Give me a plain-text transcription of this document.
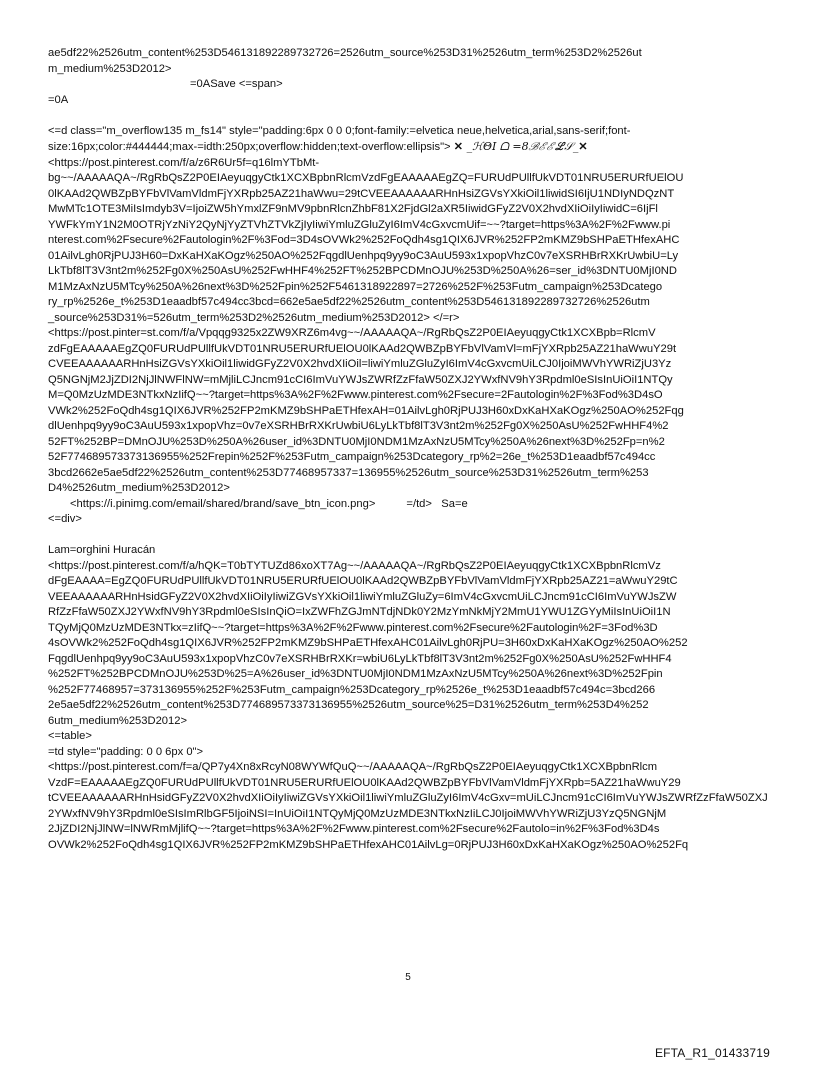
ae5df22%2526utm_content%253D546131892289732726=2526utm_source%253D31%2526utm_term%253D2%2526ut

m_medium%253D2012>

=0ASave <=span>

=0A

<=d class="m_overflow135 m_fs14" style="padding:6px 0 0 0;font-family:=elvetica neue,helvetica,arial,sans-serif;font-

size:16px;color:#444444;max-=idth:250px;overflow:hidden;text-overflow:ellipsis"> ✕ _ℋΘΙ ᗝ =8ℬℰℰℒ𝒮_✕

<https://post.pinterest.com/f/a/z6R6Ur5f=q16lmYTbMt-

bg~~/AAAAAQA~/RgRbQsZ2P0EIAeyuqgyCtk1XCXBpbnRlcmVzdFgEAAAAAEgZQ=FURUdPUllfUkVDT01NRU5ERURfUElOU

0lKAAd2QWBZpBYFbVlVamVldmFjYXRpb25AZ21haWwu=29tCVEEAAAAAARHnHsiZGVsYXkiOil1liwidSI6IjU1NDIyNDQzNT

MwMTc1OTE3MiIsImdyb3V=IjoiZW5hYmxlZF9nMV9pbnRlcnZhbF81X2FjdGl2aXR5IiwidGFyZ2V0X2hvdXIiOiIyIiwidC=6IjFl

YWFkYmY1N2M0OTRjYzNiY2QyNjYyZTVhZTVkZjIyIiwiYmluZGluZyI6ImV4cGxvcmUif=~~?target=https%3A%2F%2Fwww.pi

nterest.com%2Fsecure%2Fautologin%2F%3Fod=3D4sOVWk2%252FoQdh4sg1QIX6JVR%252FP2mKMZ9bSHPaETHfexAHC

01AilvLgh0RjPUJ3H60=DxKaHXaKOgz%250AO%252FqgdlUenhpq9yy9oC3AuU593x1xpopVhzC0v7eXSRHBrRXKrUwbiU=Ly

LkTbf8lT3V3nt2m%252Fg0X%250AsU%252FwHHF4%252FT%252BPCDMnOJU%253D%250A%26=ser_id%3DNTU0MjI0ND

M1MzAxNzU5MTcy%250A%26next%3D%252Fpin%252F5461318922897=2726%252F%253Futm_campaign%253Dcatego

ry_rp%2526e_t%253D1eaadbf57c494cc3bcd=662e5ae5df22%2526utm_content%253D546131892289732726%2526utm

_source%253D31%=526utm_term%253D2%2526utm_medium%253D2012> </=r>

<https://post.pinter=st.com/f/a/Vpqqg9325x2ZW9XRZ6m4vg~~/AAAAAQA~/RgRbQsZ2P0EIAeyuqgyCtk1XCXBpb=RlcmV

zdFgEAAAAAEgZQ0FURUdPUllfUkVDT01NRU5ERURfUElOU0lKAAd2QWBZpBYFbVlVamVl=mFjYXRpb25AZ21haWwuY29t

CVEEAAAAAARHnHsiZGVsYXkiOil1liwidGFyZ2V0X2hvdXIiOil=liwiYmluZGluZyI6ImV4cGxvcmUiLCJ0IjoiMWVhYWRiZjU3Yz

Q5NGNjM2JjZDI2NjJlNWFlNW=mMjliLCJncm91cCI6ImVuYWJsZWRfZzFfaW50ZXJ2YWxfNV9hY3Rpdml0eSIsInUiOiI1NTQy

M=Q0MzUzMDE3NTkxNzIifQ~~?target=https%3A%2F%2Fwww.pinterest.com%2Fsecure=2Fautologin%2F%3Fod%3D4sO

VWk2%252FoQdh4sg1QIX6JVR%252FP2mKMZ9bSHPaETHfexAH=01AilvLgh0RjPUJ3H60xDxKaHXaKOgz%250AO%252Fqg

dlUenhpq9yy9oC3AuU593x1xpopVhz=0v7eXSRHBrRXKrUwbiU6LyLkTbf8lT3V3nt2m%252Fg0X%250AsU%252FwHHF4%2

52FT%252BP=DMnOJU%253D%250A%26user_id%3DNTU0MjI0NDM1MzAxNzU5MTcy%250A%26next%3D%252Fp=n%2

52F774689573373136955%252Frepin%252F%253Futm_campaign%253Dcategory_rp%2=26e_t%253D1eaadbf57c494cc

3bcd2662e5ae5df22%2526utm_content%253D77468957337=136955%2526utm_source%253D31%2526utm_term%253

D4%2526utm_medium%253D2012>

<https://i.pinimg.com/email/shared/brand/save_btn_icon.png>          =/td>   Sa=e

<=div>

Lam=orghini Huracán

<https://post.pinterest.com/f/a/hQK=T0bTYTUZd86xoXT7Ag~~/AAAAAQA~/RgRbQsZ2P0EIAeyuqgyCtk1XCXBpbnRlcmVz

dFgEAAAA=EgZQ0FURUdPUllfUkVDT01NRU5ERURfUElOU0lKAAd2QWBZpBYFbVlVamVldmFjYXRpb25AZ21=aWwuY29tC

VEEAAAAAARHnHsidGFyZ2V0X2hvdXIiOiIyIiwiZGVsYXkiOil1liwiYmluZGluZy=6ImV4cGxvcmUiLCJncm91cCI6ImVuYWJsZW

RfZzFfaW50ZXJ2YWxfNV9hY3Rpdml0eSIsInQiO=IxZWFhZGJmNTdjNDk0Y2MzYmNkMjY2MmU1YWU1ZGYyMiIsInUiOiI1N

TQyMjQ0MzUzMDE3NTkx=zIifQ~~?target=https%3A%2F%2Fwww.pinterest.com%2Fsecure%2Fautologin%2F=3Fod%3D

4sOVWk2%252FoQdh4sg1QIX6JVR%252FP2mKMZ9bSHPaETHfexAHC01AilvLgh0RjPU=3H60xDxKaHXaKOgz%250AO%252

FqgdlUenhpq9yy9oC3AuU593x1xpopVhzC0v7eXSRHBrRXKr=wbiU6LyLkTbf8lT3V3nt2m%252Fg0X%250AsU%252FwHHF4

%252FT%252BPCDMnOJU%253D%25=A%26user_id%3DNTU0MjI0NDM1MzAxNzU5MTcy%250A%26next%3D%252Fpin

%252F77468957=373136955%252F%253Futm_campaign%253Dcategory_rp%2526e_t%253D1eaadbf57c494c=3bcd266

2e5ae5df22%2526utm_content%253D774689573373136955%2526utm_source%25=D31%2526utm_term%253D4%252

6utm_medium%253D2012>

<=table>

=td style="padding: 0 0 6px 0">

<https://post.pinterest.com/f=a/QP7y4Xn8xRcyN08WYWfQuQ~~/AAAAAQA~/RgRbQsZ2P0EIAeyuqgyCtk1XCXBpbnRlcm

VzdF=EAAAAAEgZQ0FURUdPUllfUkVDT01NRU5ERURfUElOU0lKAAd2QWBZpBYFbVlVamVldmFjYXRpb=5AZ21haWwuY29

tCVEEAAAAAARHnHsidGFyZ2V0X2hvdXIiOiIyIiwiZGVsYXkiOil1liwiYmluZGluZyI6ImV4cGxv=mUiLCJncm91cCI6ImVuYWJsZWRfZzFfaW50ZXJ

2YWxfNV9hY3Rpdml0eSIsImRlbGF5IjoiNSI=InUiOiI1NTQyMjQ0MzUzMDE3NTkxNzIiLCJ0IjoiMWVhYWRiZjU3YzQ5NGNjM

2JjZDI2NjJlNW=lNWRmMjlifQ~~?target=https%3A%2F%2Fwww.pinterest.com%2Fsecure%2Fautolo=in%2F%3Fod%3D4s

OVWk2%252FoQdh4sg1QIX6JVR%252FP2mKMZ9bSHPaETHfexAHC01AilvLg=0RjPUJ3H60xDxKaHXaKOgz%250AO%252Fq

5
EFTA_R1_01433719
